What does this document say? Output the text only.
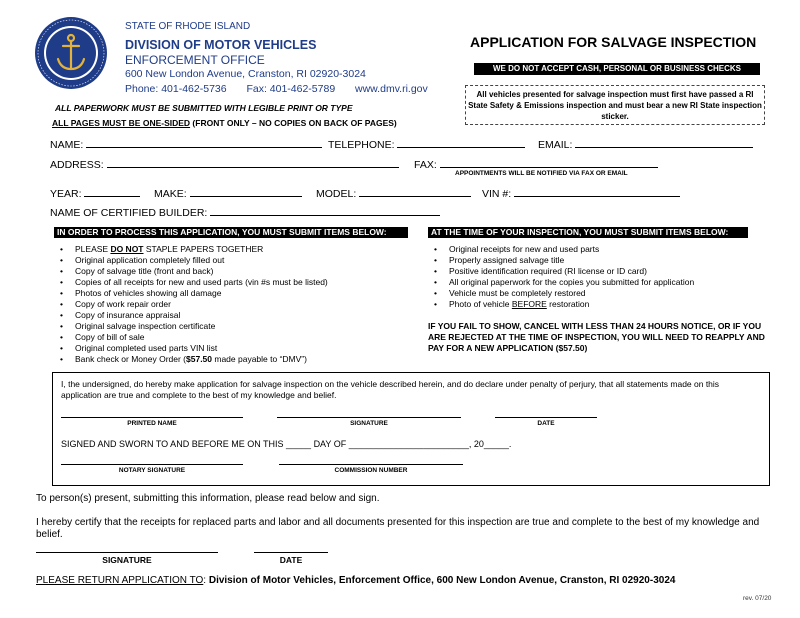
STATE OF RHODE ISLAND
DIVISION OF MOTOR VEHICLES
ENFORCEMENT OFFICE
600 New London Avenue, Cranston, RI 02920-3024
Phone: 401-462-5736 Fax: 401-462-5789 www.dmv.ri.gov
APPLICATION FOR SALVAGE INSPECTION
WE DO NOT ACCEPT CASH, PERSONAL OR BUSINESS CHECKS
All vehicles presented for salvage inspection must first have passed a RI State Safety & Emissions inspection and must bear a new RI State inspection sticker.
ALL PAPERWORK MUST BE SUBMITTED WITH LEGIBLE PRINT OR TYPE
ALL PAGES MUST BE ONE-SIDED (FRONT ONLY – NO COPIES ON BACK OF PAGES)
NAME:	TELEPHONE:	EMAIL:
ADDRESS:	FAX:
APPOINTMENTS WILL BE NOTIFIED VIA FAX OR EMAIL
YEAR:	MAKE:	MODEL:	VIN #:
NAME OF CERTIFIED BUILDER:
IN ORDER TO PROCESS THIS APPLICATION, YOU MUST SUBMIT ITEMS BELOW:
• PLEASE DO NOT STAPLE PAPERS TOGETHER
• Original application completely filled out
• Copy of salvage title (front and back)
• Copies of all receipts for new and used parts (vin #s must be listed)
• Photos of vehicles showing all damage
• Copy of work repair order
• Copy of insurance appraisal
• Original salvage inspection certificate
• Copy of bill of sale
• Original completed used parts VIN list
• Bank check or Money Order ($57.50 made payable to “DMV”)
AT THE TIME OF YOUR INSPECTION, YOU MUST SUBMIT ITEMS BELOW:
• Original receipts for new and used parts
• Properly assigned salvage title
• Positive identification required (RI license or ID card)
• All original paperwork for the copies you submitted for application
• Vehicle must be completely restored
• Photo of vehicle BEFORE restoration
IF YOU FAIL TO SHOW, CANCEL WITH LESS THAN 24 HOURS NOTICE, OR IF YOU ARE REJECTED AT THE TIME OF INSPECTION, YOU WILL NEED TO REAPPLY AND PAY FOR A NEW APPLICATION ($57.50)
I, the undersigned, do hereby make application for salvage inspection on the vehicle described herein, and do declare under penalty of perjury, that all statements made on this application are true and complete to the best of my knowledge and belief.
PRINTED NAME	SIGNATURE	DATE
SIGNED AND SWORN TO AND BEFORE ME ON THIS _____ DAY OF ________________________, 20_____.
NOTARY SIGNATURE	COMMISSION NUMBER
To person(s) present, submitting this information, please read below and sign.
I hereby certify that the receipts for replaced parts and labor and all documents presented for this inspection are true and complete to the best of my knowledge and belief.
SIGNATURE	DATE
PLEASE RETURN APPLICATION TO: Division of Motor Vehicles, Enforcement Office, 600 New London Avenue, Cranston, RI 02920-3024
rev. 07/20
